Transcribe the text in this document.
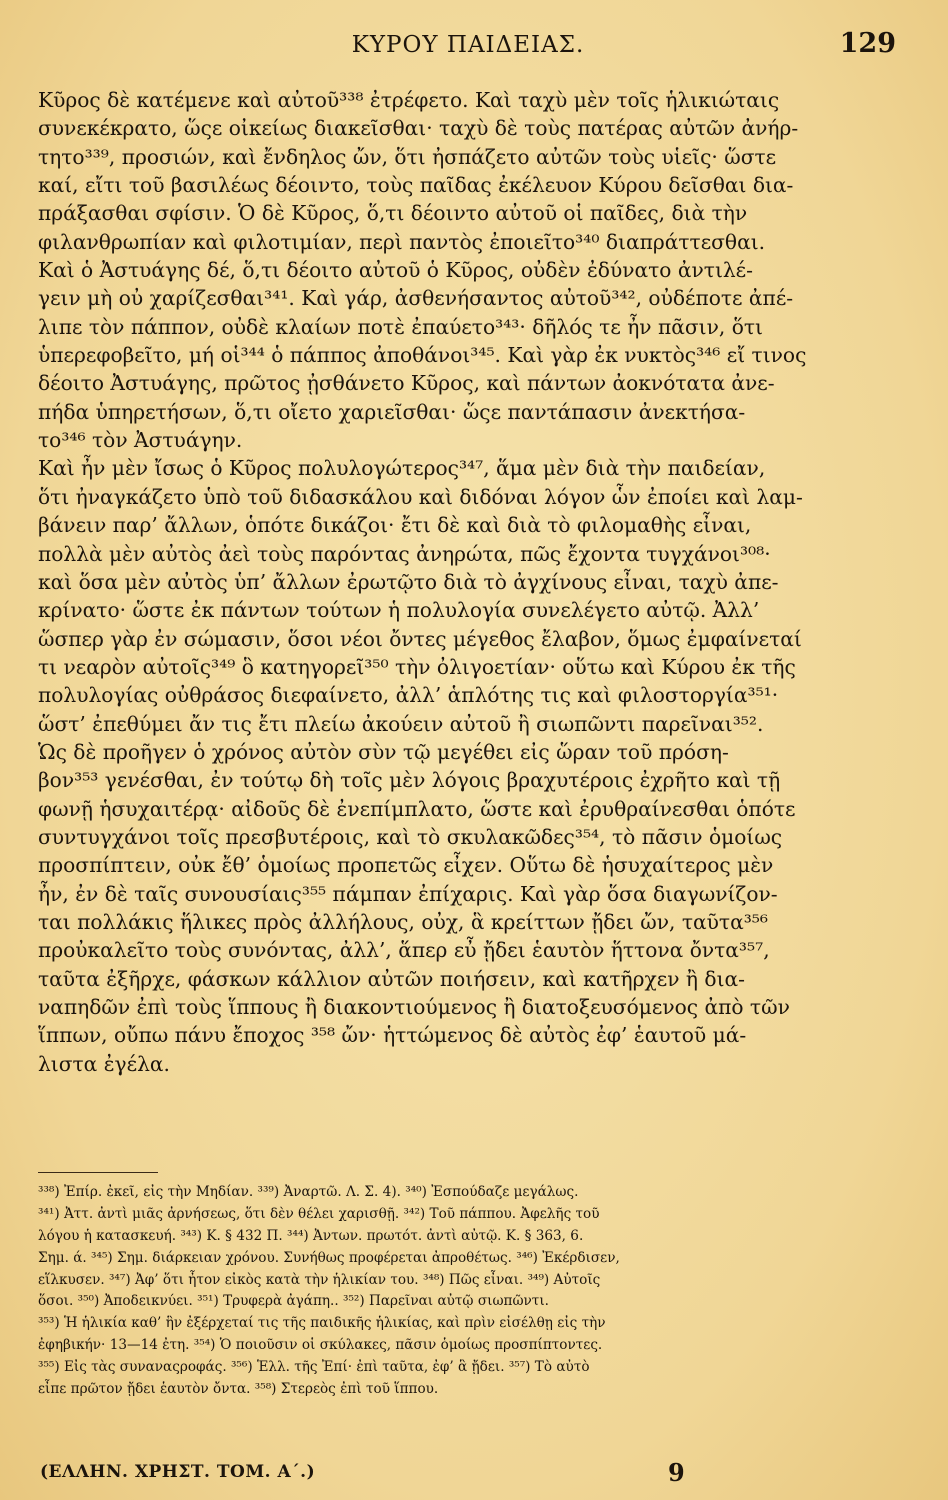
ΚΥΡΟΥ ΠΑΙΔΕΙΑΣ.	129
Κῦρος δὲ κατέμενε καὶ αὐτοῦ³³⁸ ἐτρέφετο. Καὶ ταχὺ μὲν τοῖς ἡλικιώταις
συνεκέκρατο, ὥςε οἰκείως διακεῖσθαι· ταχὺ δὲ τοὺς πατέρας αὐτῶν ἀνήρ-
τητο³³⁹, προσιών, καὶ ἔνδηλος ὤν, ὅτι ἠσπάζετο αὐτῶν τοὺς υἱεῖς· ὥστε
καί, εἴτι τοῦ βασιλέως δέοιντο, τοὺς παῖδας ἐκέλευον Κύρου δεῖσθαι δια-
πράξασθαι σφίσιν. Ὁ δὲ Κῦρος, ὅ,τι δέοιντο αὐτοῦ οἱ παῖδες, διὰ τὴν
φιλανθρωπίαν καὶ φιλοτιμίαν, περὶ παντὸς ἐποιεῖτο³⁴⁰ διαπράττεσθαι.
Καὶ ὁ Ἀστυάγης δέ, ὅ,τι δέοιτο αὐτοῦ ὁ Κῦρος, οὐδὲν ἐδύνατο ἀντιλέ-
γειν μὴ οὐ χαρίζεσθαι³⁴¹. Καὶ γάρ, ἀσθενήσαντος αὐτοῦ³⁴², οὐδέποτε ἀπέ-
λιπε τὸν πάππον, οὐδὲ κλαίων ποτὲ ἐπαύετο³⁴³· δῆλός τε ἦν πᾶσιν, ὅτι
ὑπερεφοβεῖτο, μή οἱ³⁴⁴ ὁ πάππος ἀποθάνοι³⁴⁵. Καὶ γὰρ ἐκ νυκτὸς³⁴⁶ εἴ τινος
δέοιτο Ἀστυάγης, πρῶτος ᾐσθάνετο Κῦρος, καὶ πάντων ἀοκνότατα ἀνε-
πήδα ὑπηρετήσων, ὅ,τι οἴετο χαριεῖσθαι· ὥςε παντάπασιν ἀνεκτήσα-
το³⁴⁶ τὸν Ἀστυάγην.
Καὶ ἦν μὲν ἴσως ὁ Κῦρος πολυλογώτερος³⁴⁷, ἅμα μὲν διὰ τὴν παιδείαν,
ὅτι ἠναγκάζετο ὑπὸ τοῦ διδασκάλου καὶ διδόναι λόγον ὧν ἐποίει καὶ λαμ-
βάνειν παρ’ ἄλλων, ὁπότε δικάζοι· ἔτι δὲ καὶ διὰ τὸ φιλομαθὴς εἶναι,
πολλὰ μὲν αὐτὸς ἀεὶ τοὺς παρόντας ἀνηρώτα, πῶς ἔχοντα τυγχάνοι³⁰⁸·
καὶ ὅσα μὲν αὐτὸς ὑπ’ ἄλλων ἐρωτῷτο διὰ τὸ ἀγχίνους εἶναι, ταχὺ ἀπε-
κρίνατο· ὥστε ἐκ πάντων τούτων ἡ πολυλογία συνελέγετο αὐτῷ. Ἀλλ’
ὥσπερ γὰρ ἐν σώμασιν, ὅσοι νέοι ὄντες μέγεθος ἔλαβον, ὅμως ἐμφαίνεταί
τι νεαρὸν αὐτοῖς³⁴⁹ ὃ κατηγορεῖ³⁵⁰ τὴν ὀλιγοετίαν· οὕτω καὶ Κύρου ἐκ τῆς
πολυλογίας οὐθράσος διεφαίνετο, ἀλλ’ ἁπλότης τις καὶ φιλοστοργία³⁵¹·
ὥστ’ ἐπεθύμει ἄν τις ἔτι πλείω ἀκούειν αὐτοῦ ἢ σιωπῶντι παρεῖναι³⁵².
Ὡς δὲ προῆγεν ὁ χρόνος αὐτὸν σὺν τῷ μεγέθει εἰς ὥραν τοῦ πρόση-
βον³⁵³ γενέσθαι, ἐν τούτῳ δὴ τοῖς μὲν λόγοις βραχυτέροις ἐχρῆτο καὶ τῇ
φωνῇ ἡσυχαιτέρᾳ· αἰδοῦς δὲ ἐνεπίμπλατο, ὥστε καὶ ἐρυθραίνεσθαι ὁπότε
συντυγχάνοι τοῖς πρεσβυτέροις, καὶ τὸ σκυλακῶδες³⁵⁴, τὸ πᾶσιν ὁμοίως
προσπίπτειν, οὐκ ἔθ’ ὁμοίως προπετῶς εἶχεν. Οὕτω δὲ ἡσυχαίτερος μὲν
ἦν, ἐν δὲ ταῖς συνουσίαις³⁵⁵ πάμπαν ἐπίχαρις. Καὶ γὰρ ὅσα διαγωνίζον-
ται πολλάκις ἥλικες πρὸς ἀλλήλους, οὐχ, ἃ κρείττων ᾔδει ὤν, ταῦτα³⁵⁶
προὐκαλεῖτο τοὺς συνόντας, ἀλλ’, ἅπερ εὖ ᾔδει ἑαυτὸν ἥττονα ὄντα³⁵⁷,
ταῦτα ἐξῆρχε, φάσκων κάλλιον αὐτῶν ποιήσειν, καὶ κατῆρχεν ἢ δια-
ναπηδῶν ἐπὶ τοὺς ἵππους ἢ διακοντιούμενος ἢ διατοξευσόμενος ἀπὸ τῶν
ἵππων, οὔπω πάνυ ἔποχος ³⁵⁸ ὤν· ἡττώμενος δὲ αὐτὸς ἐφ’ ἑαυτοῦ μά-
λιστα ἐγέλα.
³³⁸) Ἐπίρ. ἐκεῖ, εἰς τὴν Μηδίαν. ³³⁹) Ἀναρτῶ. Λ. Σ. 4). ³⁴⁰) Ἐσπούδαζε μεγάλως.
³⁴¹) Ἀττ. ἀντὶ μιᾶς ἀρνήσεως, ὅτι δὲν θέλει χαρισθῇ. ³⁴²) Τοῦ πάππου. Ἀφελῆς τοῦ
λόγου ἡ κατασκευή. ³⁴³) Κ. § 432 Π. ³⁴⁴) Ἀντων. πρωτότ. ἀντὶ αὐτῷ. Κ. § 363, 6.
Σημ. ά. ³⁴⁵) Σημ. διάρκειαν χρόνου. Συνήθως προφέρεται ἀπροθέτως. ³⁴⁶) Ἐκέρδισεν,
εἵλκυσεν. ³⁴⁷) Ἀφ’ ὅτι ἦτον εἰκὸς κατὰ τὴν ἡλικίαν του. ³⁴⁸) Πῶς εἶναι. ³⁴⁹) Αὐτοῖς
ὅσοι. ³⁵⁰) Ἀποδεικνύει. ³⁵¹) Τρυφερὰ ἀγάπη.. ³⁵²) Παρεῖναι αὐτῷ σιωπῶντι.
³⁵³) Ἡ ἡλικία καθ’ ἣν ἐξέρχεταί τις τῆς παιδικῆς ἡλικίας, καὶ πρὶν εἰσέλθῃ εἰς τὴν
ἐφηβικήν· 13—14 ἐτη. ³⁵⁴) Ὁ ποιοῦσιν οἱ σκύλακες, πᾶσιν ὁμοίως προσπίπτοντες.
³⁵⁵) Εἰς τὰς συναναςροφάς. ³⁵⁶) Ἑλλ. τῆς Ἐπί· ἐπὶ ταῦτα, ἐφ’ ἃ ᾔδει. ³⁵⁷) Τὸ αὐτὸ
εἶπε πρῶτον ᾔδει ἑαυτὸν ὄντα. ³⁵⁸) Στερεὸς ἐπὶ τοῦ ἵππου.
(ΕΛΛΗΝ. ΧΡΗΣΤ. ΤΟΜ. Α΄.)	9
